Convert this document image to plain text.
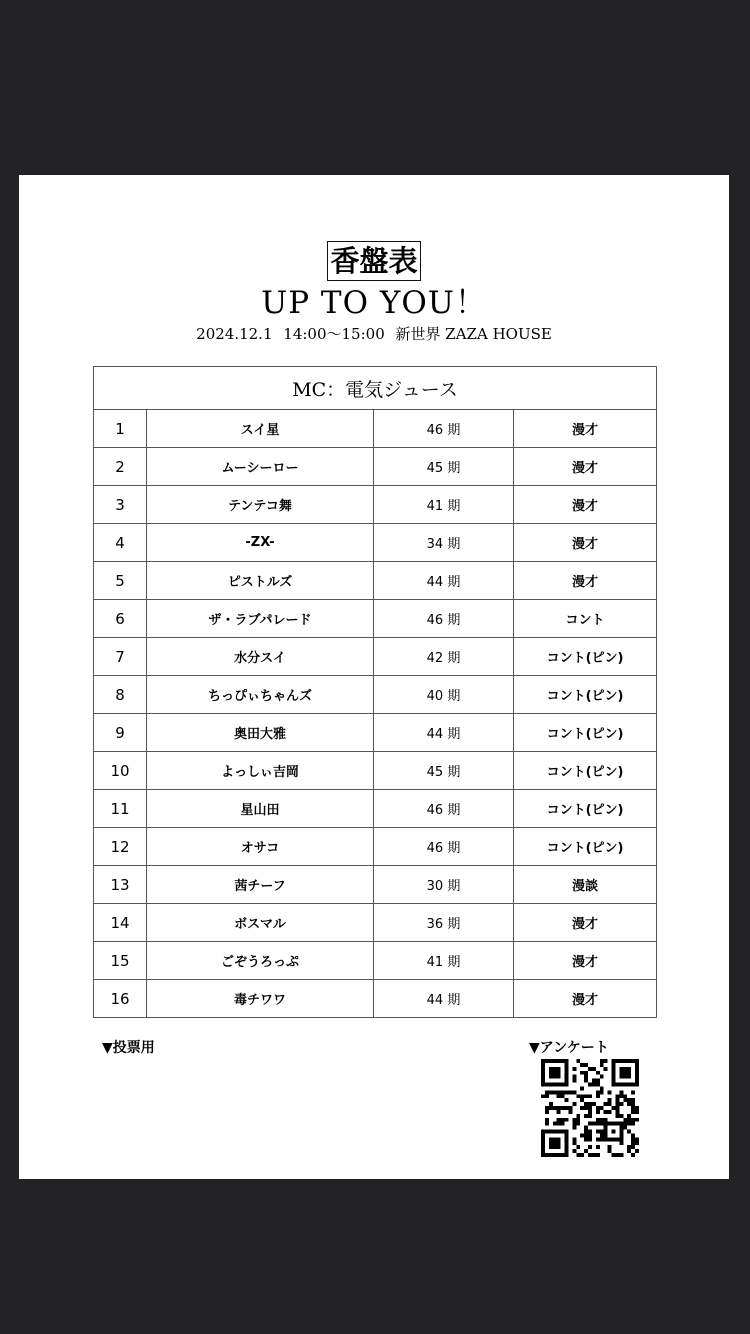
香盤表
UP TO YOU！
2024.12.1 14:00～15:00 新世界 ZAZA HOUSE
MC：電気ジュース			
1	スイ星	46 期	漫才
2	ムーシーロー	45 期	漫才
3	テンテコ舞	41 期	漫才
4	-ZX-	34 期	漫才
5	ピストルズ	44 期	漫才
6	ザ・ラブパレード	46 期	コント
7	水分スイ	42 期	コント(ピン)
8	ちっぴぃちゃんズ	40 期	コント(ピン)
9	奥田大雅	44 期	コント(ピン)
10	よっしぃ吉岡	45 期	コント(ピン)
11	星山田	46 期	コント(ピン)
12	オサコ	46 期	コント(ピン)
13	茜チーフ	30 期	漫談
14	ボスマル	36 期	漫才
15	ごぞうろっぷ	41 期	漫才
16	毒チワワ	44 期	漫才
▼投票用	▼アンケート
